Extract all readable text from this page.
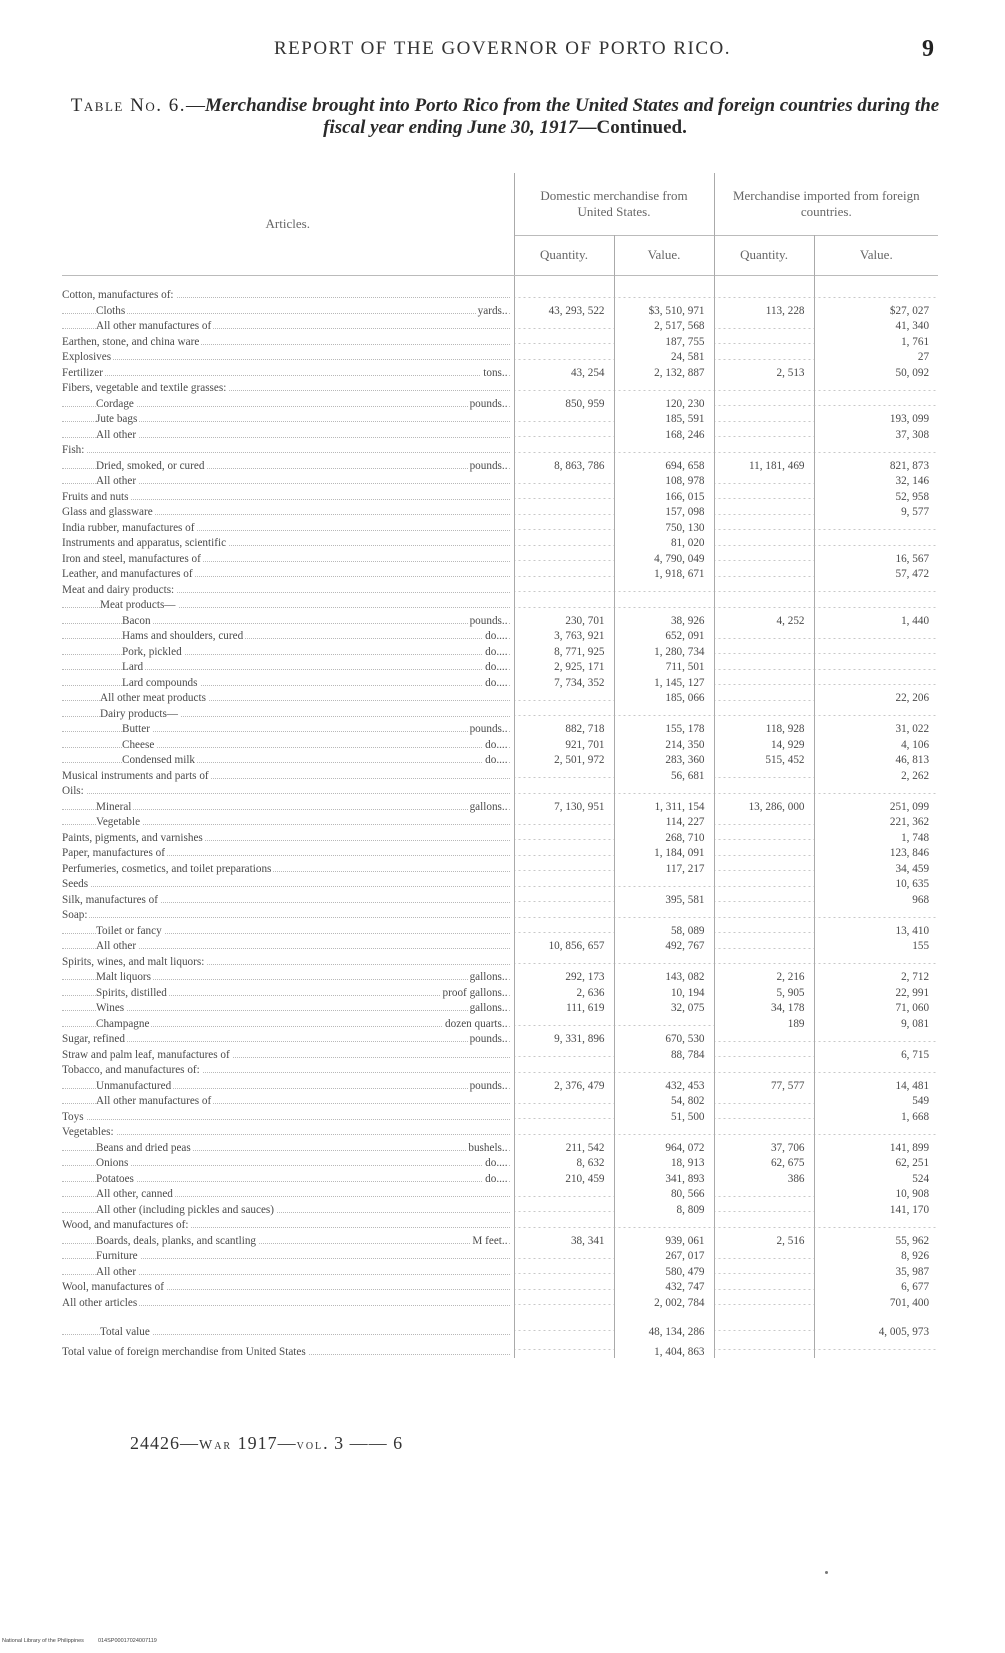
REPORT OF THE GOVERNOR OF PORTO RICO.	9
Table No. 6.—Merchandise brought into Porto Rico from the United States and foreign countries during the fiscal year ending June 30, 1917—Continued.
Articles.	Domestic merchandise from United States.		Merchandise imported from foreign countries.	
	Quantity.	Value.	Quantity.	Value.

Cotton, manufactures of:				

Cloths yards..	43, 293, 522	$3, 510, 971	113, 228	$27, 027

All other manufactures of		2, 517, 568		41, 340

Earthen, stone, and china ware		187, 755		1, 761

Explosives		24, 581		27

Fertilizer tons..	43, 254	2, 132, 887	2, 513	50, 092

Fibers, vegetable and textile grasses:				

Cordage pounds..	850, 959	120, 230		

Jute bags		185, 591		193, 099

All other		168, 246		37, 308

Fish:				

Dried, smoked, or cured pounds..	8, 863, 786	694, 658	11, 181, 469	821, 873

All other		108, 978		32, 146

Fruits and nuts		166, 015		52, 958

Glass and glassware		157, 098		9, 577

India rubber, manufactures of		750, 130		

Instruments and apparatus, scientific		81, 020		

Iron and steel, manufactures of		4, 790, 049		16, 567

Leather, and manufactures of		1, 918, 671		57, 472

Meat and dairy products:				

Meat products—				

Bacon pounds..	230, 701	38, 926	4, 252	1, 440

Hams and shoulders, cured do....	3, 763, 921	652, 091		

Pork, pickled do....	8, 771, 925	1, 280, 734		

Lard do....	2, 925, 171	711, 501		

Lard compounds do....	7, 734, 352	1, 145, 127		

All other meat products		185, 066		22, 206

Dairy products—				

Butter pounds..	882, 718	155, 178	118, 928	31, 022

Cheese do....	921, 701	214, 350	14, 929	4, 106

Condensed milk do....	2, 501, 972	283, 360	515, 452	46, 813

Musical instruments and parts of		56, 681		2, 262

Oils:				

Mineral gallons..	7, 130, 951	1, 311, 154	13, 286, 000	251, 099

Vegetable		114, 227		221, 362

Paints, pigments, and varnishes		268, 710		1, 748

Paper, manufactures of		1, 184, 091		123, 846

Perfumeries, cosmetics, and toilet preparations		117, 217		34, 459

Seeds				10, 635

Silk, manufactures of		395, 581		968

Soap:				

Toilet or fancy		58, 089		13, 410

All other	10, 856, 657	492, 767		155

Spirits, wines, and malt liquors:				

Malt liquors gallons..	292, 173	143, 082	2, 216	2, 712

Spirits, distilled proof gallons..	2, 636	10, 194	5, 905	22, 991

Wines gallons..	111, 619	32, 075	34, 178	71, 060

Champagne dozen quarts..			189	9, 081

Sugar, refined pounds..	9, 331, 896	670, 530		

Straw and palm leaf, manufactures of		88, 784		6, 715

Tobacco, and manufactures of:				

Unmanufactured pounds..	2, 376, 479	432, 453	77, 577	14, 481

All other manufactures of		54, 802		549

Toys		51, 500		1, 668

Vegetables:				

Beans and dried peas bushels..	211, 542	964, 072	37, 706	141, 899

Onions do....	8, 632	18, 913	62, 675	62, 251

Potatoes do....	210, 459	341, 893	386	524

All other, canned		80, 566		10, 908

All other (including pickles and sauces)		8, 809		141, 170

Wood, and manufactures of:				

Boards, deals, planks, and scantling M feet..	38, 341	939, 061	2, 516	55, 962

Furniture		267, 017		8, 926

All other		580, 479		35, 987

Wool, manufactures of		432, 747		6, 677

All other articles		2, 002, 784		701, 400

Total value		48, 134, 286		4, 005, 973

Total value of foreign merchandise from United States		1, 404, 863		
24426—War 1917—vol. 3 —— 6
National Library of the Philippines	014SP00017024007119
